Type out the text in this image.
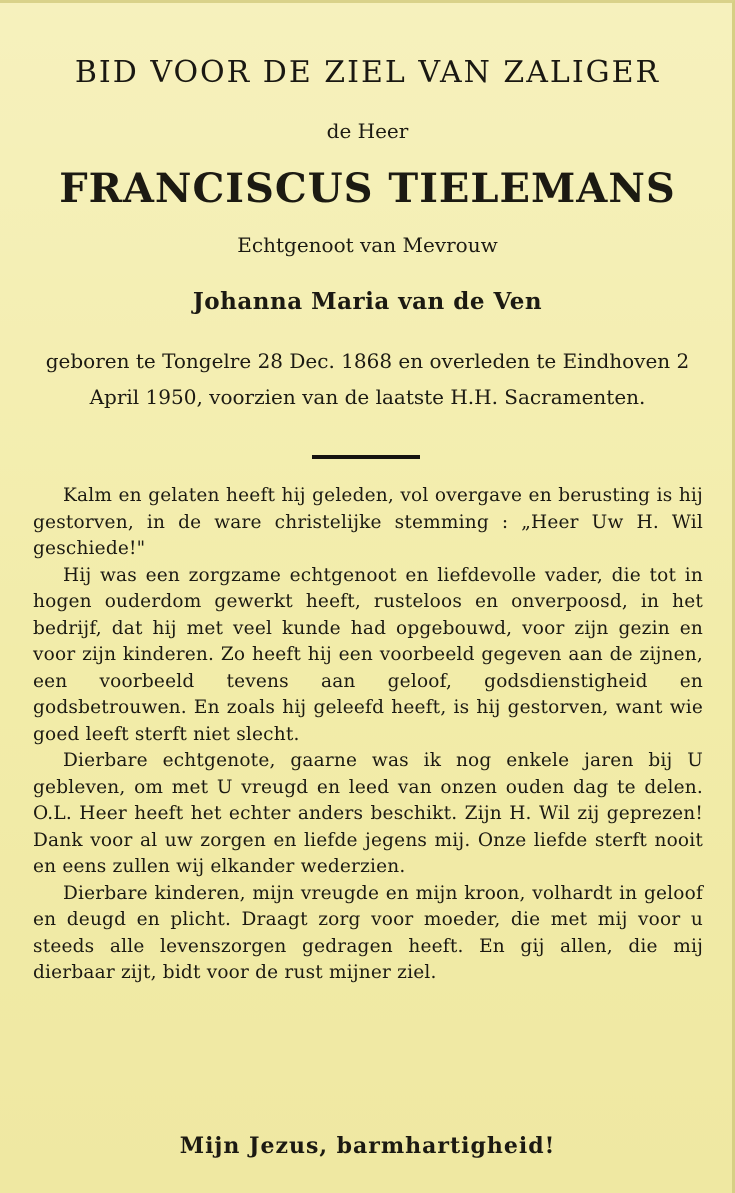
BID VOOR DE ZIEL VAN ZALIGER
de Heer
FRANCISCUS TIELEMANS
Echtgenoot van Mevrouw
Johanna Maria van de Ven
geboren te Tongelre 28 Dec. 1868 en overleden te Eindhoven 2 April 1950, voorzien van de laatste H.H. Sacramenten.

Kalm en gelaten heeft hij geleden, vol overgave en berusting is hij gestorven, in de ware christelijke stemming : „Heer Uw H. Wil geschiede!"

Hij was een zorgzame echtgenoot en liefdevolle vader, die tot in hogen ouderdom gewerkt heeft, rusteloos en onverpoosd, in het bedrijf, dat hij met veel kunde had opgebouwd, voor zijn gezin en voor zijn kinderen. Zo heeft hij een voorbeeld gegeven aan de zijnen, een voorbeeld tevens aan geloof, godsdienstigheid en godsbetrouwen. En zoals hij geleefd heeft, is hij gestorven, want wie goed leeft sterft niet slecht.

Dierbare echtgenote, gaarne was ik nog enkele jaren bij U gebleven, om met U vreugd en leed van onzen ouden dag te delen. O.L. Heer heeft het echter anders beschikt. Zijn H. Wil zij geprezen! Dank voor al uw zorgen en liefde jegens mij. Onze liefde sterft nooit en eens zullen wij elkander wederzien.

Dierbare kinderen, mijn vreugde en mijn kroon, volhardt in geloof en deugd en plicht. Draagt zorg voor moeder, die met mij voor u steeds alle levenszorgen gedragen heeft. En gij allen, die mij dierbaar zijt, bidt voor de rust mijner ziel.

Mijn Jezus, barmhartigheid!
